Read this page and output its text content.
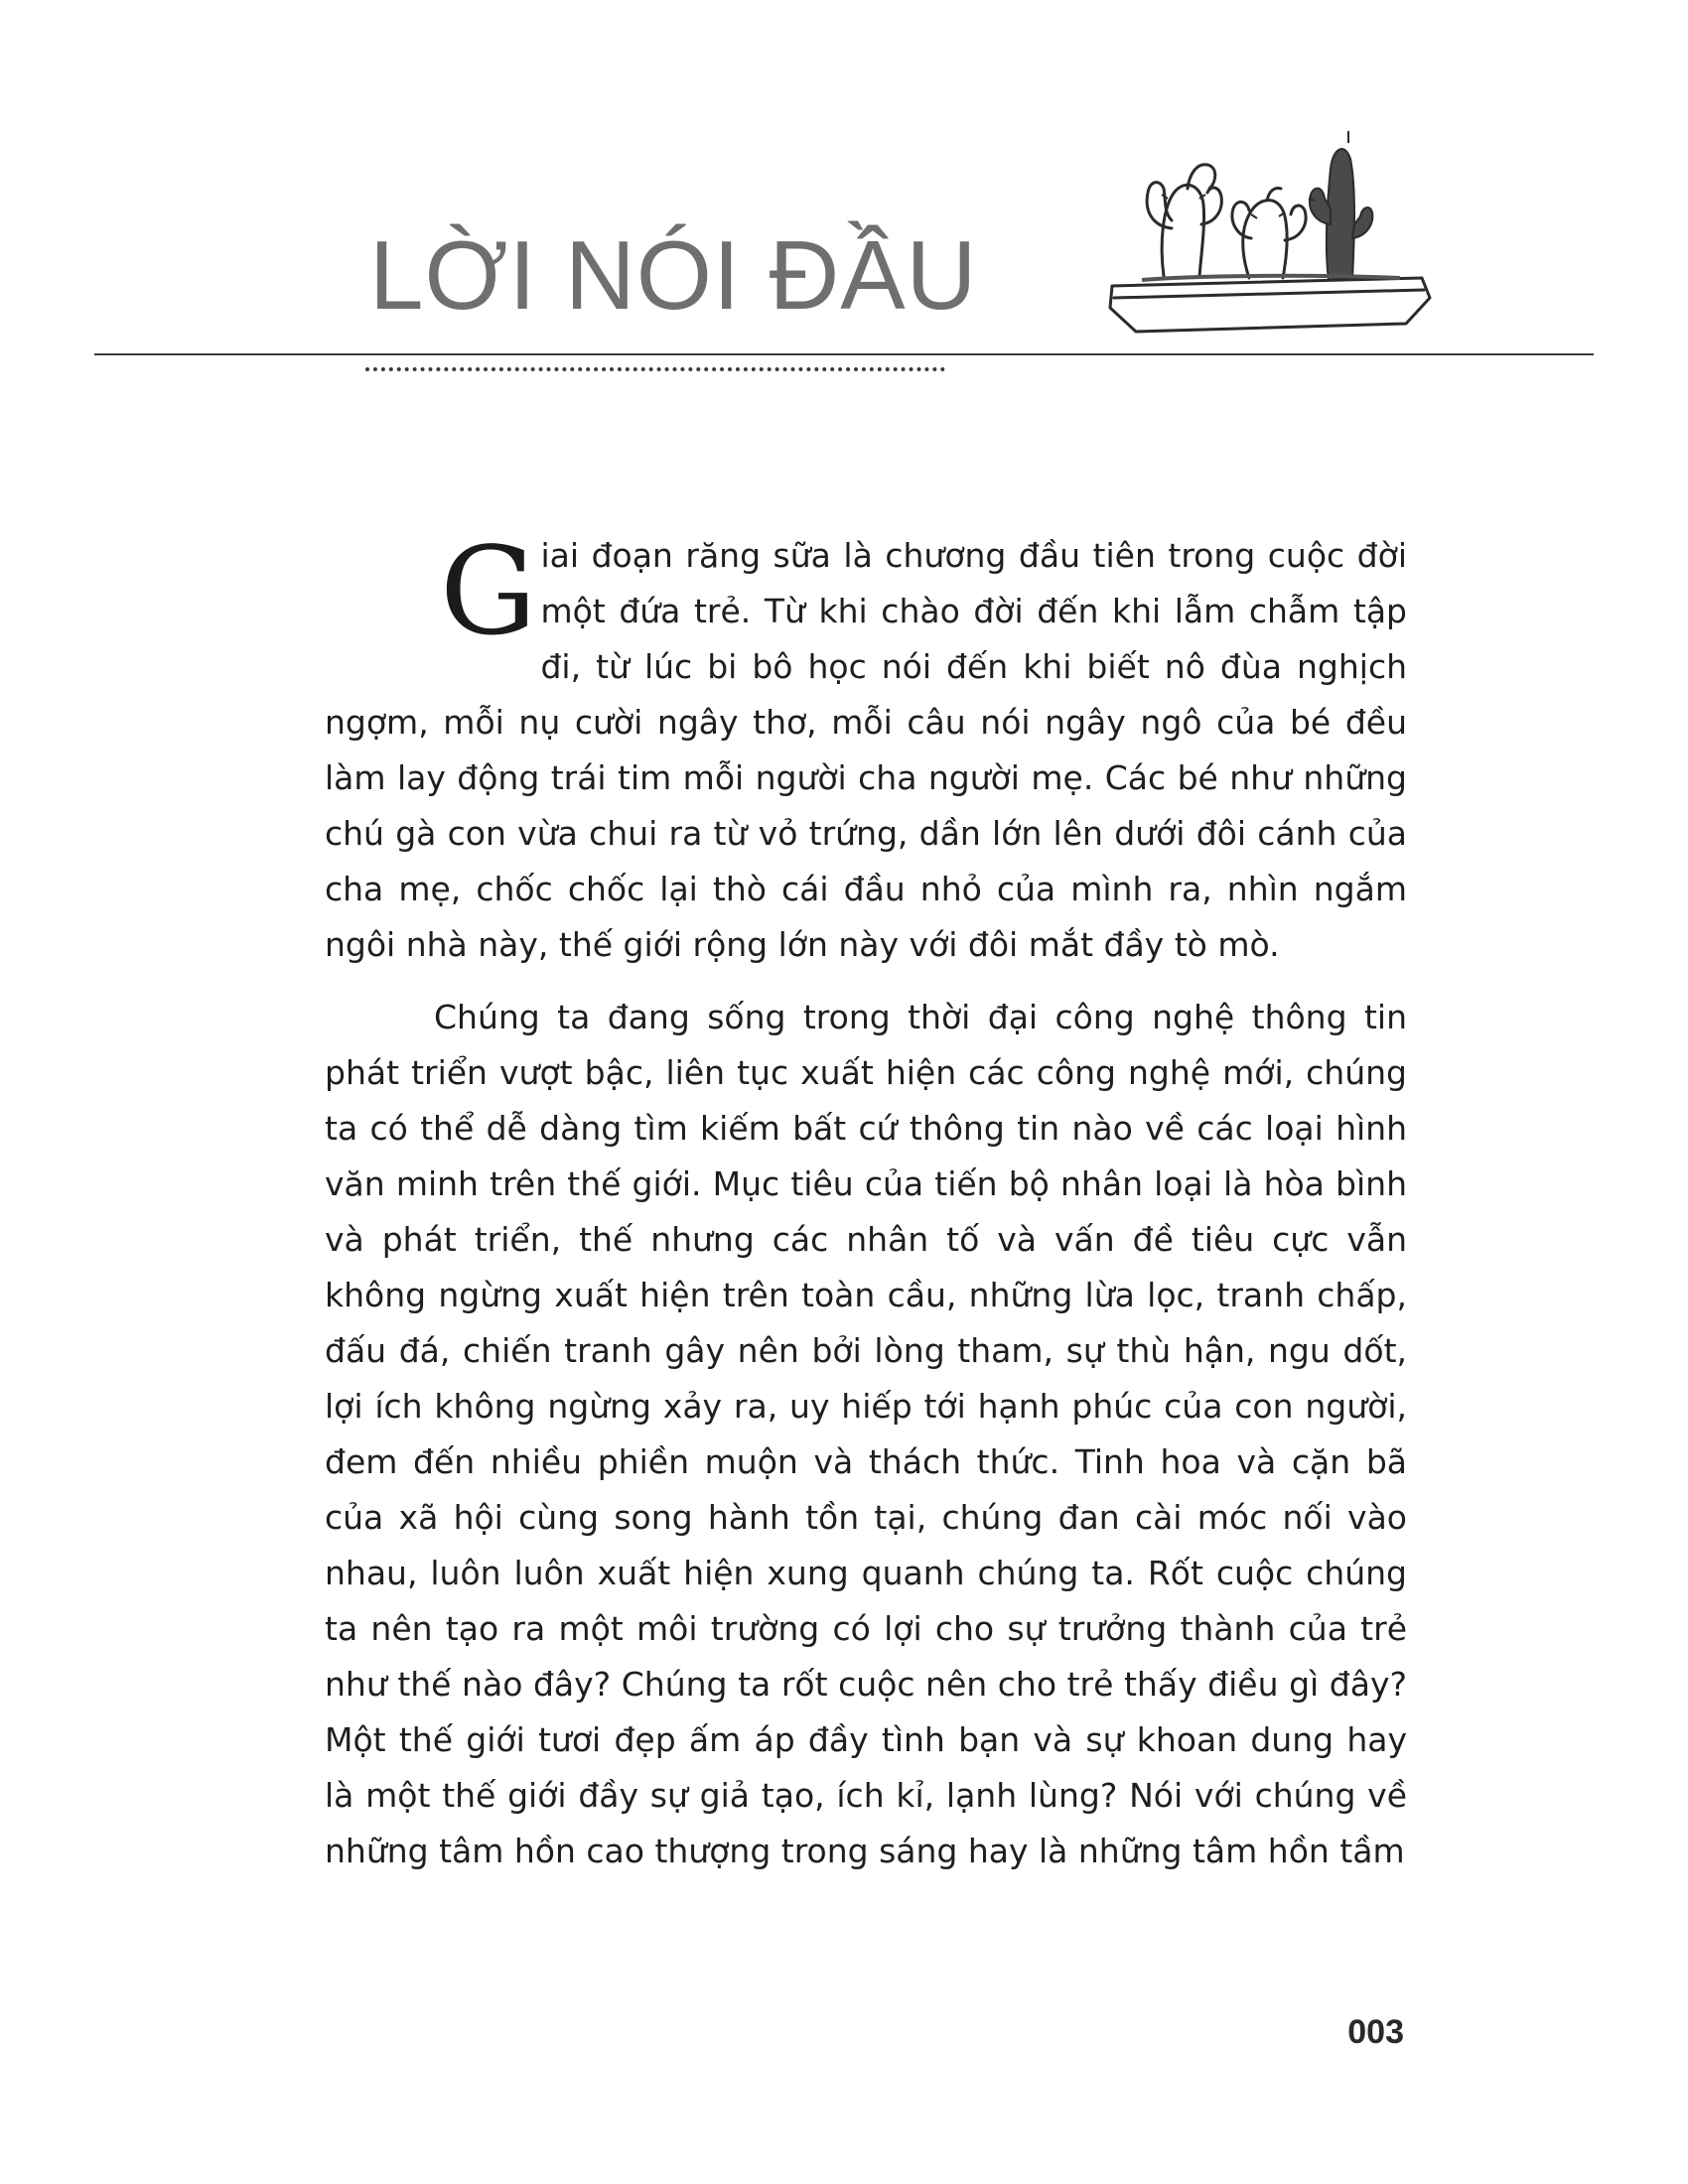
LỜI NÓI ĐẦU

Giai đoạn răng sữa là chương đầu tiên trong cuộc đời một đứa trẻ. Từ khi chào đời đến khi lẫm chẫm tập đi, từ lúc bi bô học nói đến khi biết nô đùa nghịch ngợm, mỗi nụ cười ngây thơ, mỗi câu nói ngây ngô của bé đều làm lay động trái tim mỗi người cha người mẹ. Các bé như những chú gà con vừa chui ra từ vỏ trứng, dần lớn lên dưới đôi cánh của cha mẹ, chốc chốc lại thò cái đầu nhỏ của mình ra, nhìn ngắm ngôi nhà này, thế giới rộng lớn này với đôi mắt đầy tò mò.

Chúng ta đang sống trong thời đại công nghệ thông tin phát triển vượt bậc, liên tục xuất hiện các công nghệ mới, chúng ta có thể dễ dàng tìm kiếm bất cứ thông tin nào về các loại hình văn minh trên thế giới. Mục tiêu của tiến bộ nhân loại là hòa bình và phát triển, thế nhưng các nhân tố và vấn đề tiêu cực vẫn không ngừng xuất hiện trên toàn cầu, những lừa lọc, tranh chấp, đấu đá, chiến tranh gây nên bởi lòng tham, sự thù hận, ngu dốt, lợi ích không ngừng xảy ra, uy hiếp tới hạnh phúc của con người, đem đến nhiều phiền muộn và thách thức. Tinh hoa và cặn bã của xã hội cùng song hành tồn tại, chúng đan cài móc nối vào nhau, luôn luôn xuất hiện xung quanh chúng ta. Rốt cuộc chúng ta nên tạo ra một môi trường có lợi cho sự trưởng thành của trẻ như thế nào đây? Chúng ta rốt cuộc nên cho trẻ thấy điều gì đây? Một thế giới tươi đẹp ấm áp đầy tình bạn và sự khoan dung hay là một thế giới đầy sự giả tạo, ích kỉ, lạnh lùng? Nói với chúng về những tâm hồn cao thượng trong sáng hay là những tâm hồn tầm

003
